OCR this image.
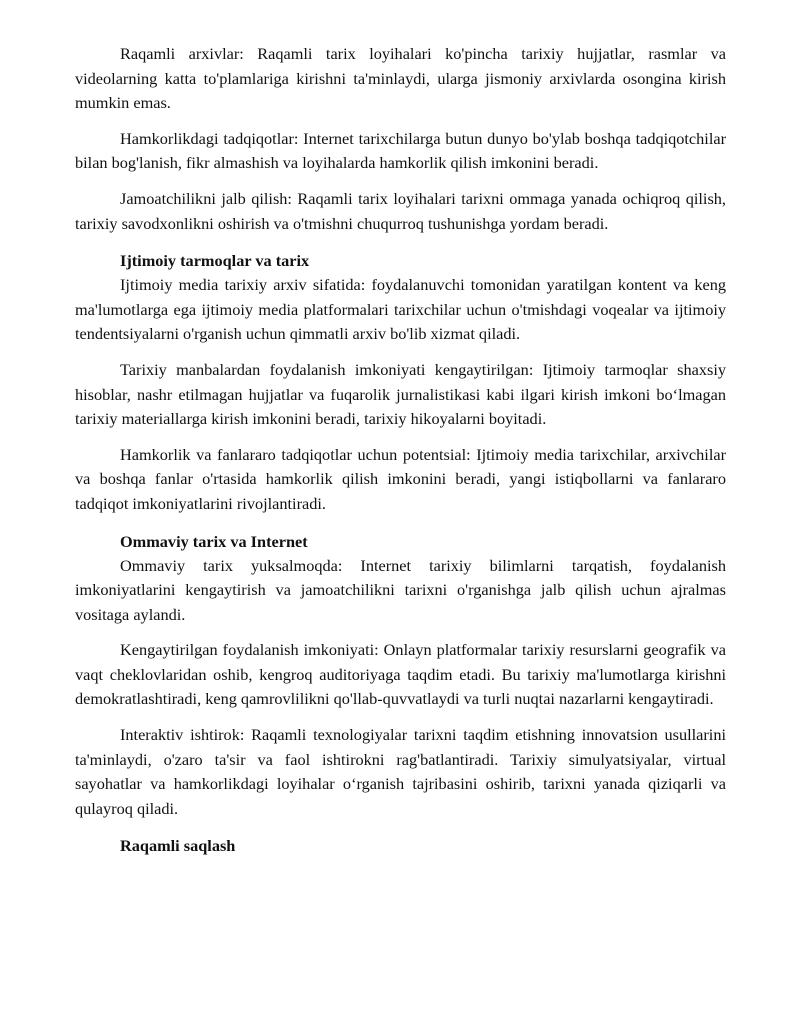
Raqamli arxivlar: Raqamli tarix loyihalari ko'pincha tarixiy hujjatlar, rasmlar va videolarning katta to'plamlariga kirishni ta'minlaydi, ularga jismoniy arxivlarda osongina kirish mumkin emas.

Hamkorlikdagi tadqiqotlar: Internet tarixchilarga butun dunyo bo'ylab boshqa tadqiqotchilar bilan bog'lanish, fikr almashish va loyihalarda hamkorlik qilish imkonini beradi.

Jamoatchilikni jalb qilish: Raqamli tarix loyihalari tarixni ommaga yanada ochiqroq qilish, tarixiy savodxonlikni oshirish va o'tmishni chuqurroq tushunishga yordam beradi.

Ijtimoiy tarmoqlar va tarix

Ijtimoiy media tarixiy arxiv sifatida: foydalanuvchi tomonidan yaratilgan kontent va keng ma'lumotlarga ega ijtimoiy media platformalari tarixchilar uchun o'tmishdagi voqealar va ijtimoiy tendentsiyalarni o'rganish uchun qimmatli arxiv bo'lib xizmat qiladi.

Tarixiy manbalardan foydalanish imkoniyati kengaytirilgan: Ijtimoiy tarmoqlar shaxsiy hisoblar, nashr etilmagan hujjatlar va fuqarolik jurnalistikasi kabi ilgari kirish imkoni bo‘lmagan tarixiy materiallarga kirish imkonini beradi, tarixiy hikoyalarni boyitadi.

Hamkorlik va fanlararo tadqiqotlar uchun potentsial: Ijtimoiy media tarixchilar, arxivchilar va boshqa fanlar o'rtasida hamkorlik qilish imkonini beradi, yangi istiqbollarni va fanlararo tadqiqot imkoniyatlarini rivojlantiradi.

Ommaviy tarix va Internet

Ommaviy tarix yuksalmoqda: Internet tarixiy bilimlarni tarqatish, foydalanish imkoniyatlarini kengaytirish va jamoatchilikni tarixni o'rganishga jalb qilish uchun ajralmas vositaga aylandi.

Kengaytirilgan foydalanish imkoniyati: Onlayn platformalar tarixiy resurslarni geografik va vaqt cheklovlaridan oshib, kengroq auditoriyaga taqdim etadi. Bu tarixiy ma'lumotlarga kirishni demokratlashtiradi, keng qamrovlilikni qo'llab-quvvatlaydi va turli nuqtai nazarlarni kengaytiradi.

Interaktiv ishtirok: Raqamli texnologiyalar tarixni taqdim etishning innovatsion usullarini ta'minlaydi, o'zaro ta'sir va faol ishtirokni rag'batlantiradi. Tarixiy simulyatsiyalar, virtual sayohatlar va hamkorlikdagi loyihalar o‘rganish tajribasini oshirib, tarixni yanada qiziqarli va qulayroq qiladi.

Raqamli saqlash
